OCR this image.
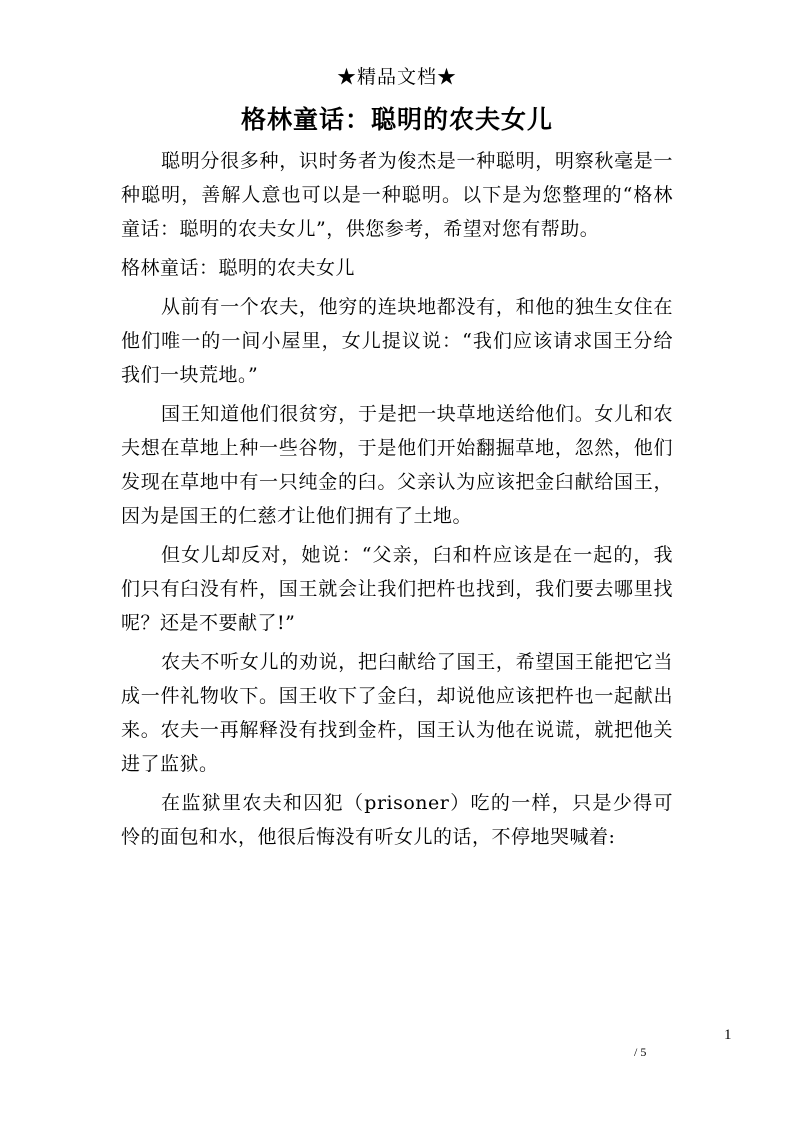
★精品文档★
格林童话：聪明的农夫女儿

聪明分很多种，识时务者为俊杰是一种聪明，明察秋毫是一种聪明，善解人意也可以是一种聪明。以下是为您整理的“格林童话：聪明的农夫女儿”，供您参考，希望对您有帮助。

格林童话：聪明的农夫女儿

从前有一个农夫，他穷的连块地都没有，和他的独生女住在他们唯一的一间小屋里，女儿提议说：“我们应该请求国王分给我们一块荒地。”

国王知道他们很贫穷，于是把一块草地送给他们。女儿和农夫想在草地上种一些谷物，于是他们开始翻掘草地，忽然，他们发现在草地中有一只纯金的臼。父亲认为应该把金臼献给国王，因为是国王的仁慈才让他们拥有了土地。

但女儿却反对，她说：“父亲，臼和杵应该是在一起的，我们只有臼没有杵，国王就会让我们把杵也找到，我们要去哪里找呢？还是不要献了!”

农夫不听女儿的劝说，把臼献给了国王，希望国王能把它当成一件礼物收下。国王收下了金臼，却说他应该把杵也一起献出来。农夫一再解释没有找到金杵，国王认为他在说谎，就把他关进了监狱。

在监狱里农夫和囚犯（prisoner）吃的一样，只是少得可怜的面包和水，他很后悔没有听女儿的话，不停地哭喊着:

1
/ 5
